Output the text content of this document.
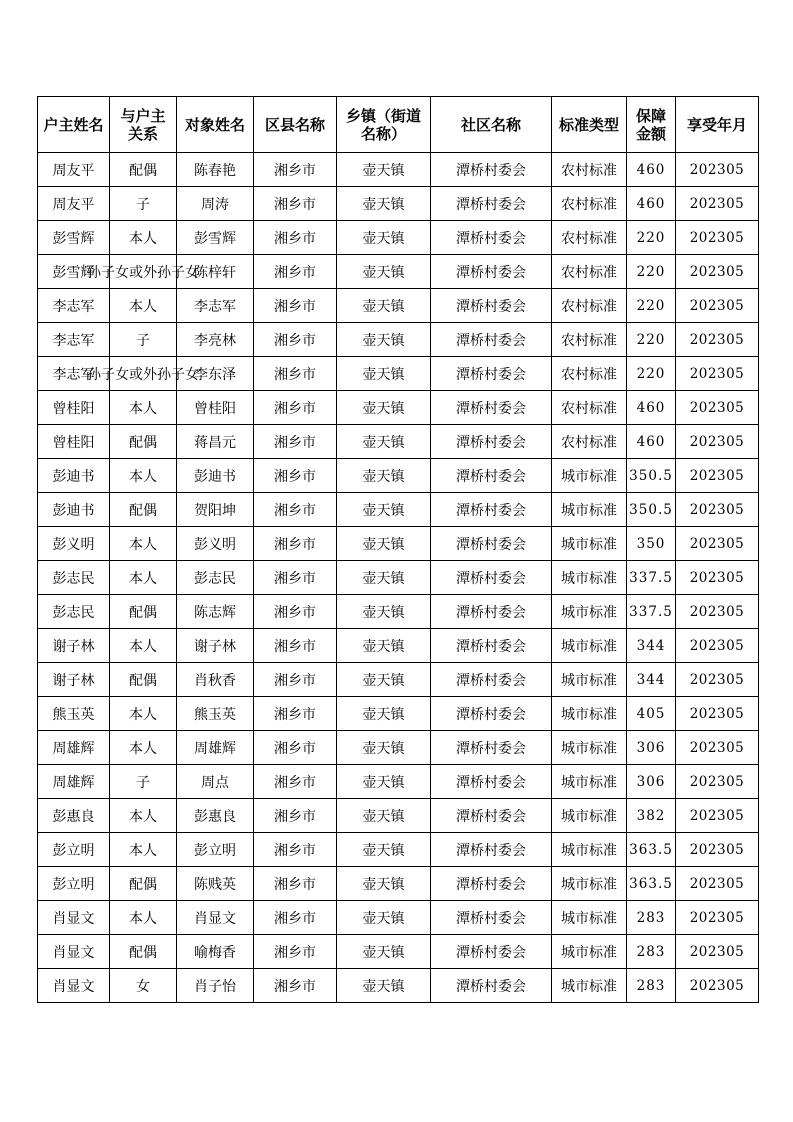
户主姓名	与户主关系	对象姓名	区县名称	乡镇（街道名称）	社区名称	标准类型	保障金额	享受年月
周友平	配偶	陈春艳	湘乡市	壶天镇	潭桥村委会	农村标准	460	202305
周友平	子	周涛	湘乡市	壶天镇	潭桥村委会	农村标准	460	202305
彭雪辉	本人	彭雪辉	湘乡市	壶天镇	潭桥村委会	农村标准	220	202305
彭雪辉	孙子女或外孙子女	陈梓轩	湘乡市	壶天镇	潭桥村委会	农村标准	220	202305
李志军	本人	李志军	湘乡市	壶天镇	潭桥村委会	农村标准	220	202305
李志军	子	李亮林	湘乡市	壶天镇	潭桥村委会	农村标准	220	202305
李志军	孙子女或外孙子女	李东泽	湘乡市	壶天镇	潭桥村委会	农村标准	220	202305
曾桂阳	本人	曾桂阳	湘乡市	壶天镇	潭桥村委会	农村标准	460	202305
曾桂阳	配偶	蒋昌元	湘乡市	壶天镇	潭桥村委会	农村标准	460	202305
彭迪书	本人	彭迪书	湘乡市	壶天镇	潭桥村委会	城市标准	350.5	202305
彭迪书	配偶	贺阳坤	湘乡市	壶天镇	潭桥村委会	城市标准	350.5	202305
彭义明	本人	彭义明	湘乡市	壶天镇	潭桥村委会	城市标准	350	202305
彭志民	本人	彭志民	湘乡市	壶天镇	潭桥村委会	城市标准	337.5	202305
彭志民	配偶	陈志辉	湘乡市	壶天镇	潭桥村委会	城市标准	337.5	202305
谢子林	本人	谢子林	湘乡市	壶天镇	潭桥村委会	城市标准	344	202305
谢子林	配偶	肖秋香	湘乡市	壶天镇	潭桥村委会	城市标准	344	202305
熊玉英	本人	熊玉英	湘乡市	壶天镇	潭桥村委会	城市标准	405	202305
周雄辉	本人	周雄辉	湘乡市	壶天镇	潭桥村委会	城市标准	306	202305
周雄辉	子	周点	湘乡市	壶天镇	潭桥村委会	城市标准	306	202305
彭惠良	本人	彭惠良	湘乡市	壶天镇	潭桥村委会	城市标准	382	202305
彭立明	本人	彭立明	湘乡市	壶天镇	潭桥村委会	城市标准	363.5	202305
彭立明	配偶	陈贱英	湘乡市	壶天镇	潭桥村委会	城市标准	363.5	202305
肖显文	本人	肖显文	湘乡市	壶天镇	潭桥村委会	城市标准	283	202305
肖显文	配偶	喻梅香	湘乡市	壶天镇	潭桥村委会	城市标准	283	202305
肖显文	女	肖子怡	湘乡市	壶天镇	潭桥村委会	城市标准	283	202305
